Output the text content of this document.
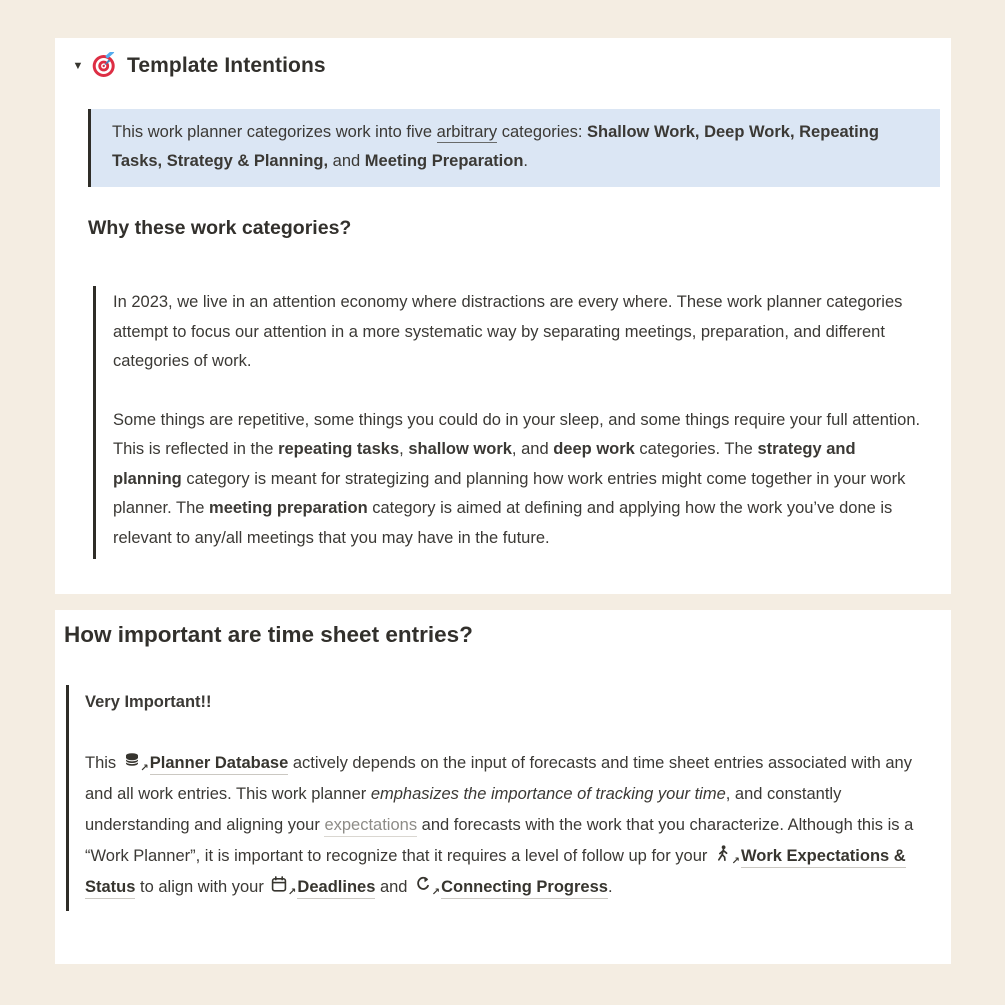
▼ Template Intentions
This work planner categorizes work into five arbitrary categories: Shallow Work, Deep Work, Repeating Tasks, Strategy & Planning, and Meeting Preparation.
Why these work categories?

In 2023, we live in an attention economy where distractions are every where. These work planner categories attempt to focus our attention in a more systematic way by separating meetings, preparation, and different categories of work.

Some things are repetitive, some things you could do in your sleep, and some things require your full attention. This is reflected in the repeating tasks, shallow work, and deep work categories. The strategy and planning category is meant for strategizing and planning how work entries might come together in your work planner. The meeting preparation category is aimed at defining and applying how the work you’ve done is relevant to any/all meetings that you may have in the future.

How important are time sheet entries?

Very Important!!

This ↗ Planner Database actively depends on the input of forecasts and time sheet entries associated with any and all work entries. This work planner emphasizes the importance of tracking your time, and constantly understanding and aligning your expectations and forecasts with the work that you characterize. Although this is a “Work Planner”, it is important to recognize that it requires a level of follow up for your ↗ Work Expectations & Status to align with your ↗ Deadlines and ↗ Connecting Progress.
